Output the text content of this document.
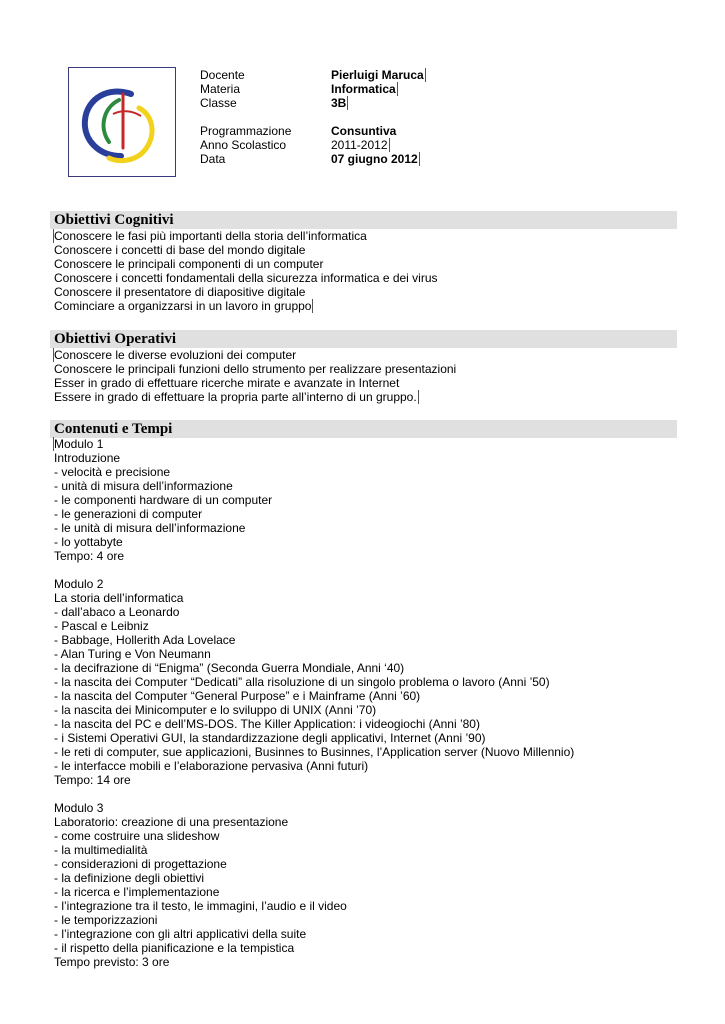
Docente	Pierluigi Maruca
Materia	Informatica
Classe	3B
Programmazione	Consuntiva
Anno Scolastico	2011-2012
Data	07 giugno 2012
Obiettivi Cognitivi
Conoscere le fasi più importanti della storia dell’informatica
Conoscere i concetti di base del mondo digitale
Conoscere le principali componenti di un computer
Conoscere i concetti fondamentali della sicurezza informatica e dei virus
Conoscere il presentatore di diapositive digitale
Cominciare a organizzarsi in un lavoro in gruppo
Obiettivi Operativi
Conoscere le diverse evoluzioni dei computer
Conoscere le principali funzioni dello strumento per realizzare presentazioni
Esser in grado di effettuare ricerche mirate e avanzate in Internet
Essere in grado di effettuare la propria parte all’interno di un gruppo.
Contenuti e Tempi
Modulo 1
Introduzione
- velocità e precisione
- unità di misura dell’informazione
- le componenti hardware di un computer
- le generazioni di computer
- le unità di misura dell’informazione
- lo yottabyte
Tempo: 4 ore
Modulo 2
La storia dell’informatica
- dall’abaco a Leonardo
- Pascal e Leibniz
- Babbage, Hollerith Ada Lovelace
- Alan Turing e Von Neumann
- la decifrazione di “Enigma” (Seconda Guerra Mondiale, Anni ‘40)
- la nascita dei Computer “Dedicati” alla risoluzione di un singolo problema o lavoro (Anni ’50)
- la nascita del Computer “General Purpose” e i Mainframe (Anni ’60)
- la nascita dei Minicomputer e lo sviluppo di UNIX (Anni ’70)
- la nascita del PC e dell’MS-DOS. The Killer Application: i videogiochi (Anni ’80)
- i Sistemi Operativi GUI, la standardizzazione degli applicativi, Internet (Anni ’90)
- le reti di computer, sue applicazioni, Businnes to Businnes, l’Application server (Nuovo Millennio)
- le interfacce mobili e l’elaborazione pervasiva (Anni futuri)
Tempo: 14 ore
Modulo 3
Laboratorio: creazione di una presentazione
- come costruire una slideshow
- la multimedialità
- considerazioni di progettazione
- la definizione degli obiettivi
- la ricerca e l’implementazione
- l’integrazione tra il testo, le immagini, l’audio e il video
- le temporizzazioni
- l’integrazione con gli altri applicativi della suite
- il rispetto della pianificazione e la tempistica
Tempo previsto: 3 ore
